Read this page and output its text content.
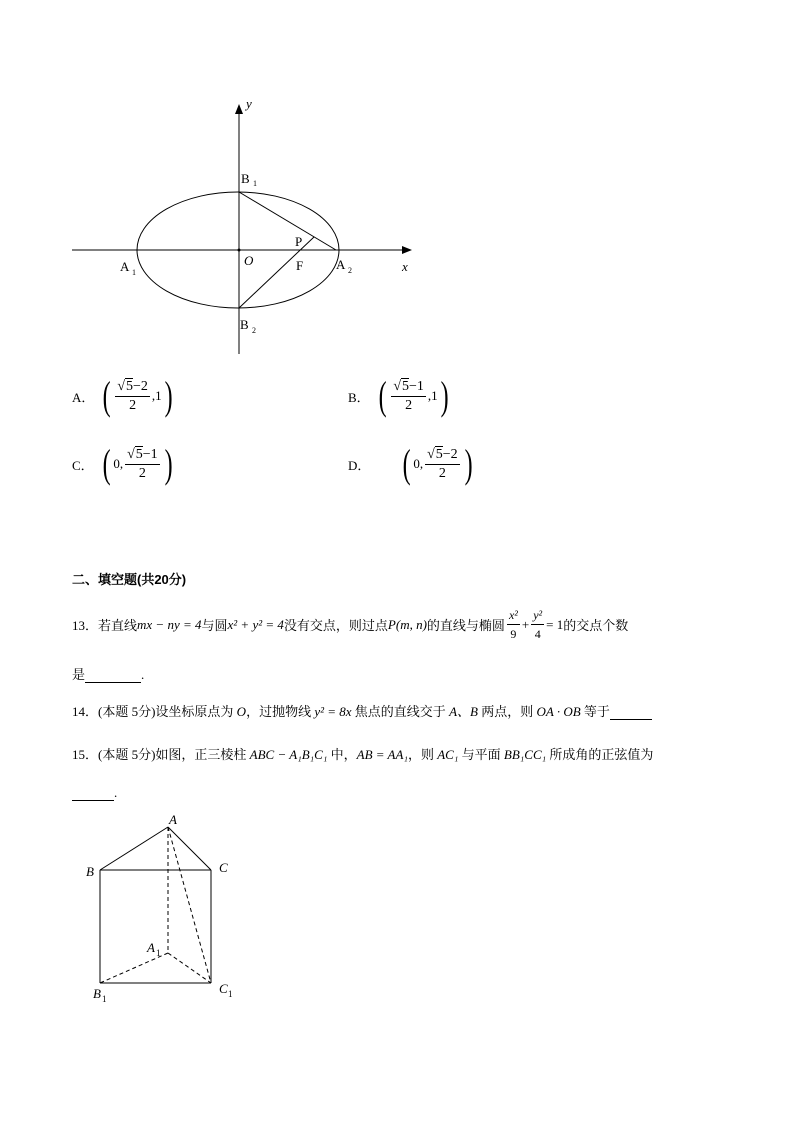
y
x
O
B 1
B 2
A 1
A 2
P
F
A． ( $\frac{√5-2}{2} ,1$ )	B． ( $\frac{√5-1}{2} ,1$ )
C． ( 0, $\frac{√5-1}{2}$ )	D． ( 0, $\frac{√5-2}{2}$ )
二、填空题(共20分)
13．若直线 mx − ny = 4 与圆 x² + y² = 4 没有交点，则过点 P(m, n) 的直线与椭圆 $\frac{\text{x²}}{9} + \frac{\text{y²}}{4} = 1$ 的交点个数
是	.
14．(本题 5分)设坐标原点为 O，过抛物线 y² = 8x 焦点的直线交于 A、B 两点，则 OA · OB 等于
15．(本题 5分)如图，正三棱柱 ABC − A₁B₁C₁ 中，AB = AA₁，则 AC₁ 与平面 BB₁CC₁ 所成角的正弦值为
.
A
B	C
A 1
B 1
C 1
